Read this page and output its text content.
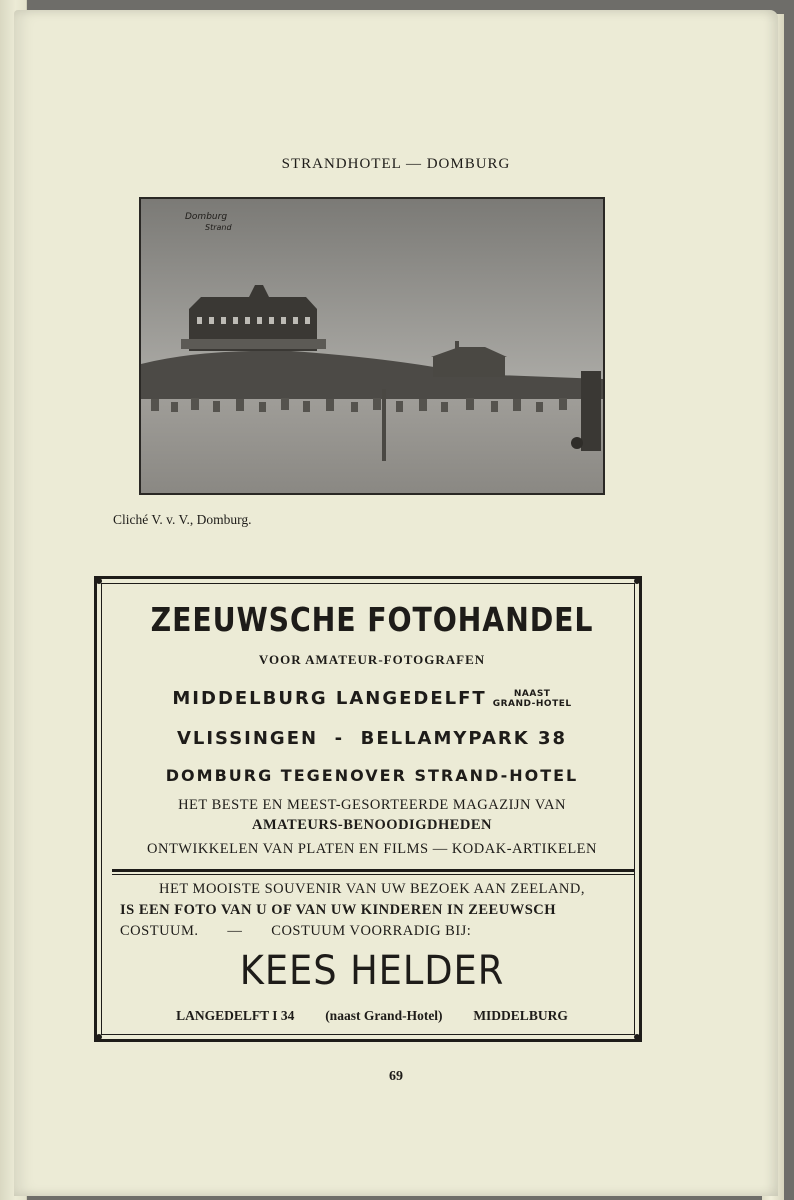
STRANDHOTEL — DOMBURG
Domburg
Strand
Cliché V. v. V., Domburg.
ZEEUWSCHE FOTOHANDEL
VOOR AMATEUR-FOTOGRAFEN
MIDDELBURG LANGEDELFT	NAAST
GRAND-HOTEL
VLISSINGEN  -  BELLAMYPARK 38
DOMBURG TEGENOVER STRAND-HOTEL
HET BESTE EN MEEST-GESORTEERDE MAGAZIJN VAN
AMATEURS-BENOODIGDHEDEN
ONTWIKKELEN VAN PLATEN EN FILMS — KODAK-ARTIKELEN
HET MOOISTE SOUVENIR VAN UW BEZOEK AAN ZEELAND,
IS EEN FOTO VAN U OF VAN UW KINDEREN IN ZEEUWSCH
COSTUUM.       —       COSTUUM VOORRADIG BIJ:
KEES HELDER
LANGEDELFT I 34 (naast Grand-Hotel) MIDDELBURG
69
